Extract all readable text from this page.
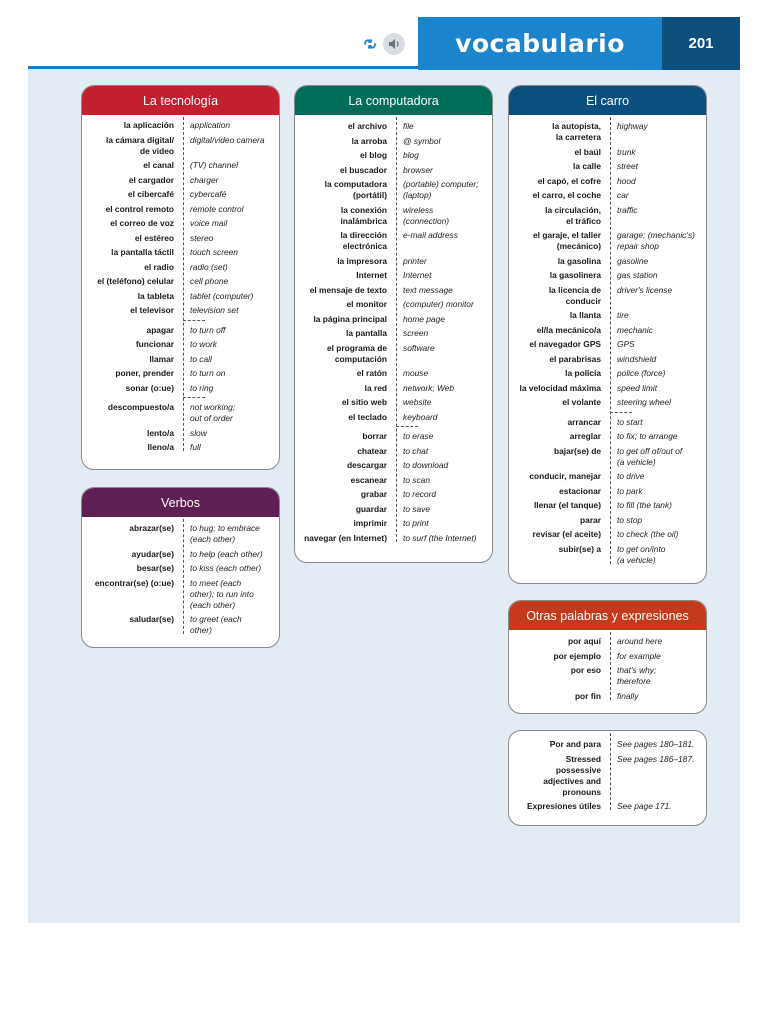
vocabulario	201
La tecnología
la aplicación application
la cámara digital/
de video
digital/video camera
el canal (TV) channel
el cargador charger
el cibercafé cybercafé
el control remoto remote control
el correo de voz voice mail
el estéreo stereo
la pantalla táctil touch screen
el radio radio (set)
el (teléfono) celular cell phone
la tableta tablet (computer)
el televisor television set
apagar to turn off
funcionar to work
llamar to call
poner, prender to turn on
sonar (o:ue) to ring
descompuesto/a not working;
out of order
lento/a slow
lleno/a full
Verbos
abrazar(se) to hug; to embrace
(each other)
ayudar(se) to help (each other)
besar(se) to kiss (each other)
encontrar(se) (o:ue) to meet (each
other); to run into
(each other)
saludar(se) to greet (each
other)
La computadora
el archivo file
la arroba @ symbol
el blog blog
el buscador browser
la computadora
(portátil)
(portable) computer;
(laptop)
la conexión
inalámbrica
wireless
(connection)
la dirección
electrónica
e-mail address
la impresora printer
Internet Internet
el mensaje de texto text message
el monitor (computer) monitor
la página principal home page
la pantalla screen
el programa de
computación
software
el ratón mouse
la red network; Web
el sitio web website
el teclado keyboard
borrar to erase
chatear to chat
descargar to download
escanear to scan
grabar to record
guardar to save
imprimir to print
navegar (en Internet) to surf (the Internet)
El carro
la autopista,
la carretera
highway
el baúl trunk
la calle street
el capó, el cofre hood
el carro, el coche car
la circulación,
el tráfico
traffic
el garaje, el taller
(mecánico)
garage; (mechanic's)
repair shop
la gasolina gasoline
la gasolinera gas station
la licencia de
conducir
driver's license
la llanta tire
el/la mecánico/a mechanic
el navegador GPS GPS
el parabrisas windshield
la policía police (force)
la velocidad máxima speed limit
el volante steering wheel
arrancar to start
arreglar to fix; to arrange
bajar(se) de to get off of/out of
(a vehicle)
conducir, manejar to drive
estacionar to park
llenar (el tanque) to fill (the tank)
parar to stop
revisar (el aceite) to check (the oil)
subir(se) a to get on/into
(a vehicle)
Otras palabras y expresiones
por aquí around here
por ejemplo for example
por eso that's why;
therefore
por fin finally
Por and para See pages 180–181.
Stressed
possessive
adjectives and
pronouns
See pages 186–187.
Expresiones útiles See page 171.
